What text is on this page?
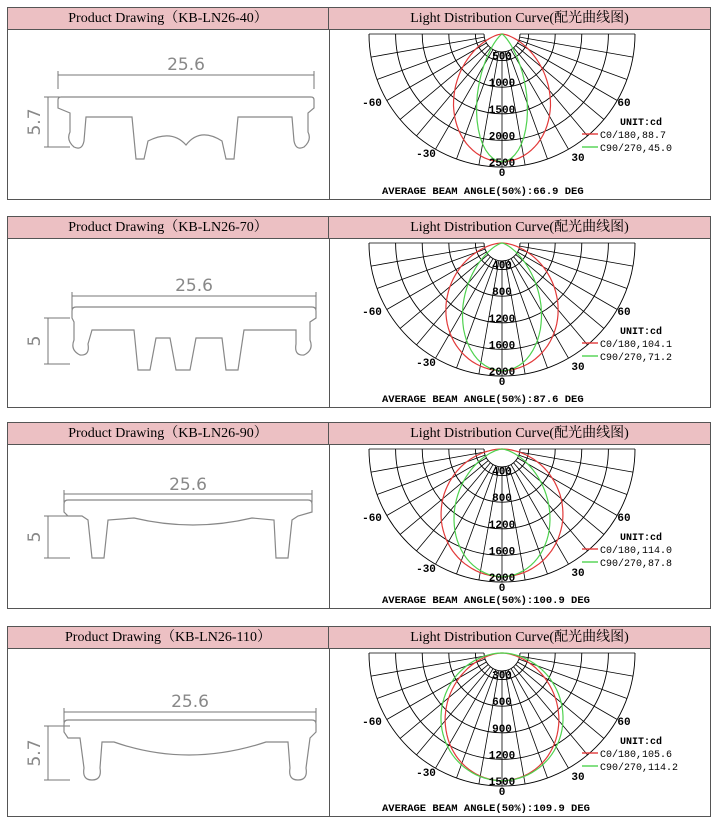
Product Drawing（KB-LN26-40）	Light Distribution Curve(配光曲线图)
25.6
5.7
500
1000
1500
2000
2500
-60	60
-30	30
0
UNIT:cd
C0/180,88.7
C90/270,45.0
AVERAGE BEAM ANGLE(50%):66.9 DEG
Product Drawing（KB-LN26-70）	Light Distribution Curve(配光曲线图)
25.6
5
400
800
1200
1600
2000
-60	60
-30	30
0
UNIT:cd
C0/180,104.1
C90/270,71.2
AVERAGE BEAM ANGLE(50%):87.6 DEG
Product Drawing（KB-LN26-90）	Light Distribution Curve(配光曲线图)
25.6
5
400
800
1200
1600
2000
-60	60
-30	30
0
UNIT:cd
C0/180,114.0
C90/270,87.8
AVERAGE BEAM ANGLE(50%):100.9 DEG
Product Drawing（KB-LN26-110）	Light Distribution Curve(配光曲线图)
25.6
5.7
300
600
900
1200
1500
-60	60
-30	30
0
UNIT:cd
C0/180,105.6
C90/270,114.2
AVERAGE BEAM ANGLE(50%):109.9 DEG
